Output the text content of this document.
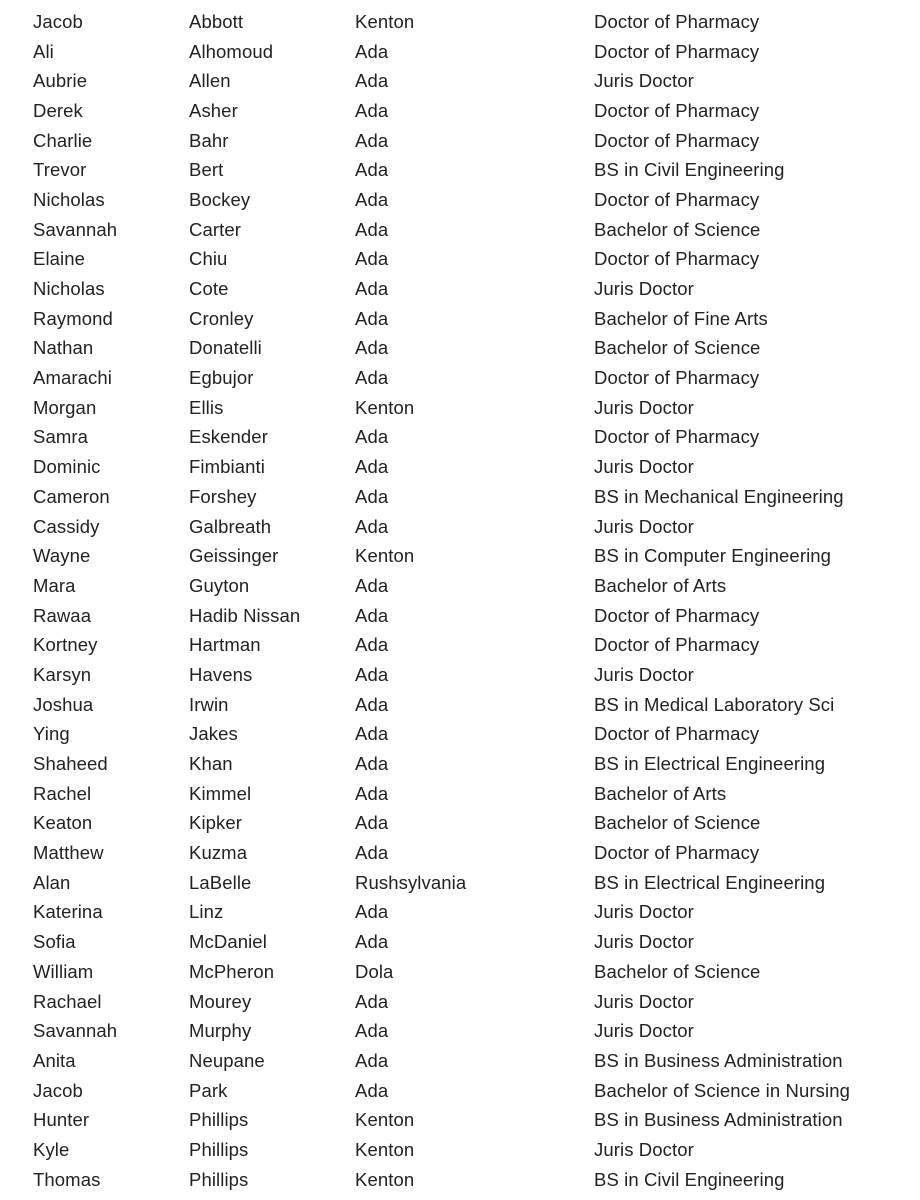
Jacob	Abbott	Kenton	Doctor of Pharmacy
Ali	Alhomoud	Ada	Doctor of Pharmacy
Aubrie	Allen	Ada	Juris Doctor
Derek	Asher	Ada	Doctor of Pharmacy
Charlie	Bahr	Ada	Doctor of Pharmacy
Trevor	Bert	Ada	BS in Civil Engineering
Nicholas	Bockey	Ada	Doctor of Pharmacy
Savannah	Carter	Ada	Bachelor of Science
Elaine	Chiu	Ada	Doctor of Pharmacy
Nicholas	Cote	Ada	Juris Doctor
Raymond	Cronley	Ada	Bachelor of Fine Arts
Nathan	Donatelli	Ada	Bachelor of Science
Amarachi	Egbujor	Ada	Doctor of Pharmacy
Morgan	Ellis	Kenton	Juris Doctor
Samra	Eskender	Ada	Doctor of Pharmacy
Dominic	Fimbianti	Ada	Juris Doctor
Cameron	Forshey	Ada	BS in Mechanical Engineering
Cassidy	Galbreath	Ada	Juris Doctor
Wayne	Geissinger	Kenton	BS in Computer Engineering
Mara	Guyton	Ada	Bachelor of Arts
Rawaa	Hadib Nissan	Ada	Doctor of Pharmacy
Kortney	Hartman	Ada	Doctor of Pharmacy
Karsyn	Havens	Ada	Juris Doctor
Joshua	Irwin	Ada	BS in Medical Laboratory Sci
Ying	Jakes	Ada	Doctor of Pharmacy
Shaheed	Khan	Ada	BS in Electrical Engineering
Rachel	Kimmel	Ada	Bachelor of Arts
Keaton	Kipker	Ada	Bachelor of Science
Matthew	Kuzma	Ada	Doctor of Pharmacy
Alan	LaBelle	Rushsylvania	BS in Electrical Engineering
Katerina	Linz	Ada	Juris Doctor
Sofia	McDaniel	Ada	Juris Doctor
William	McPheron	Dola	Bachelor of Science
Rachael	Mourey	Ada	Juris Doctor
Savannah	Murphy	Ada	Juris Doctor
Anita	Neupane	Ada	BS in Business Administration
Jacob	Park	Ada	Bachelor of Science in Nursing
Hunter	Phillips	Kenton	BS in Business Administration
Kyle	Phillips	Kenton	Juris Doctor
Thomas	Phillips	Kenton	BS in Civil Engineering
